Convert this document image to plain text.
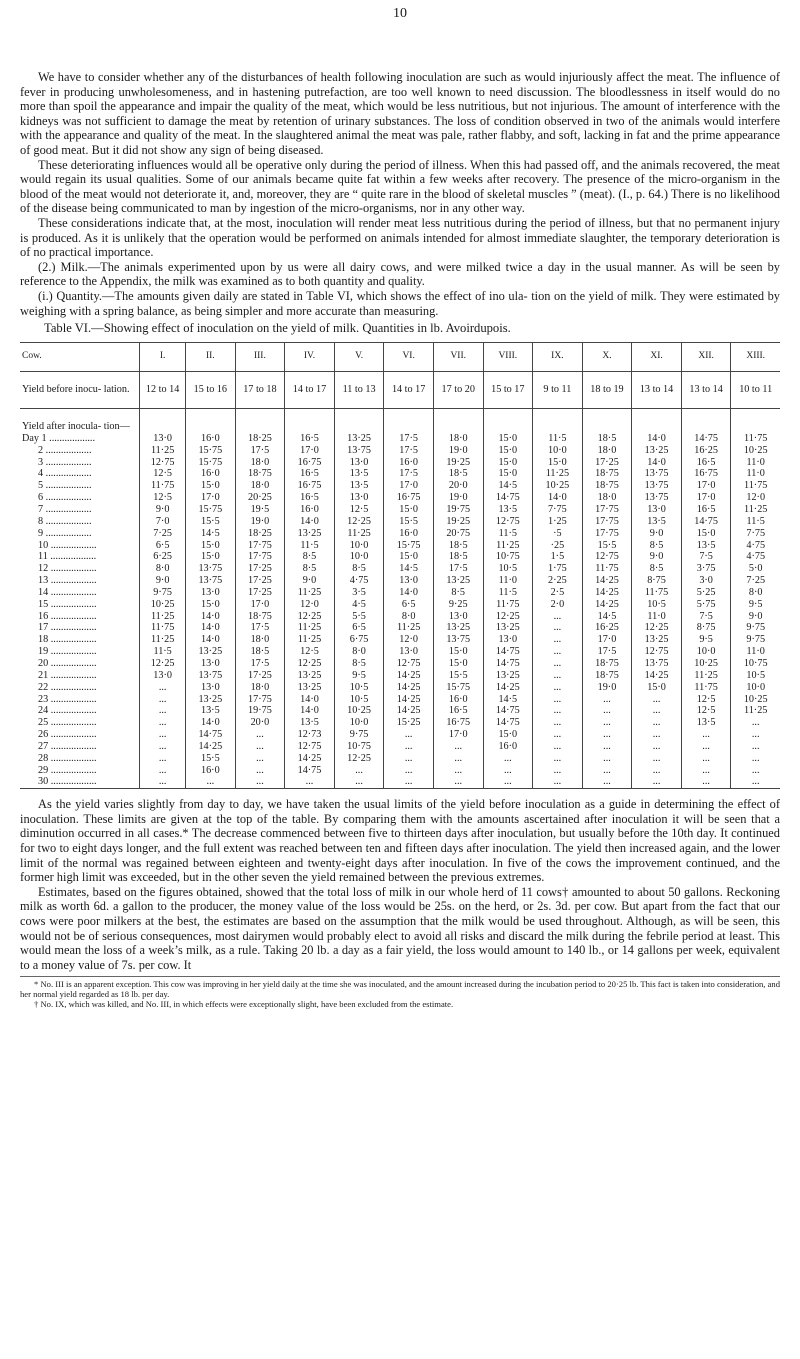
10

We have to consider whether any of the disturbances of health following inoculation are such as would injuriously affect the meat. The influence of fever in producing unwholesomeness, and in hastening putrefaction, are too well known to need discussion. The bloodlessness in itself would do no more than spoil the appearance and impair the quality of the meat, which would be less nutritious, but not injurious. The amount of interference with the kidneys was not sufficient to damage the meat by retention of urinary substances. The loss of condition observed in two of the animals would interfere with the appearance and quality of the meat. In the slaughtered animal the meat was pale, rather flabby, and soft, lacking in fat and the prime appearance of good meat. But it did not show any sign of being diseased.

These deteriorating influences would all be operative only during the period of illness. When this had passed off, and the animals recovered, the meat would regain its usual qualities. Some of our animals became quite fat within a few weeks after recovery. The presence of the micro-organism in the blood of the meat would not deteriorate it, and, moreover, they are “ quite rare in the blood of skeletal muscles ” (meat). (I., p. 64.) There is no likelihood of the disease being communicated to man by ingestion of the micro-organisms, nor in any other way.

These considerations indicate that, at the most, inoculation will render meat less nutritious during the period of illness, but that no permanent injury is produced. As it is unlikely that the operation would be performed on animals intended for almost immediate slaughter, the temporary deterioration is of no practical importance.

(2.) Milk.—The animals experimented upon by us were all dairy cows, and were milked twice a day in the usual manner. As will be seen by reference to the Appendix, the milk was examined as to both quantity and quality.

(i.) Quantity.—The amounts given daily are stated in Table VI, which shows the effect of ino ula- tion on the yield of milk. They were estimated by weighing with a spring balance, as being simpler and more accurate than measuring.

Table VI.—Showing effect of inoculation on the yield of milk. Quantities in lb. Avoirdupois.
Cow.	I.	II.	III.	IV.	V.	VI.	VII.	VIII.	IX.	X.	XI.	XII.	XIII.
Yield before inocu- lation.	12 to 14	15 to 16	17 to 18	14 to 17	11 to 13	14 to 17	17 to 20	15 to 17	9 to 11	18 to 19	13 to 14	13 to 14	10 to 11

Yield after inocula- tion—													
Day 1 ..................	13·0	16·0	18·25	16·5	13·25	17·5	18·0	15·0	11·5	18·5	14·0	14·75	11·75
2 ..................	11·25	15·75	17·5	17·0	13·75	17·5	19·0	15·0	10·0	18·0	13·25	16·25	10·25
3 ..................	12·75	15·75	18·0	16·75	13·0	16·0	19·25	15·0	15·0	17·25	14·0	16·5	11·0
4 ..................	12·5	16·0	18·75	16·5	13·5	17·5	18·5	15·0	11·25	18·75	13·75	16·75	11·0
5 ..................	11·75	15·0	18·0	16·75	13·5	17·0	20·0	14·5	10·25	18·75	13·75	17·0	11·75
6 ..................	12·5	17·0	20·25	16·5	13·0	16·75	19·0	14·75	14·0	18·0	13·75	17·0	12·0
7 ..................	9·0	15·75	19·5	16·0	12·5	15·0	19·75	13·5	7·75	17·75	13·0	16·5	11·25
8 ..................	7·0	15·5	19·0	14·0	12·25	15·5	19·25	12·75	1·25	17·75	13·5	14·75	11·5
9 ..................	7·25	14·5	18·25	13·25	11·25	16·0	20·75	11·5	·5	17·75	9·0	15·0	7·75
10 ..................	6·5	15·0	17·75	11·5	10·0	15·75	18·5	11·25	·25	15·5	8·5	13·5	4·75
11 ..................	6·25	15·0	17·75	8·5	10·0	15·0	18·5	10·75	1·5	12·75	9·0	7·5	4·75
12 ..................	8·0	13·75	17·25	8·5	8·5	14·5	17·5	10·5	1·75	11·75	8·5	3·75	5·0
13 ..................	9·0	13·75	17·25	9·0	4·75	13·0	13·25	11·0	2·25	14·25	8·75	3·0	7·25
14 ..................	9·75	13·0	17·25	11·25	3·5	14·0	8·5	11·5	2·5	14·25	11·75	5·25	8·0
15 ..................	10·25	15·0	17·0	12·0	4·5	6·5	9·25	11·75	2·0	14·25	10·5	5·75	9·5
16 ..................	11·25	14·0	18·75	12·25	5·5	8·0	13·0	12·25	...	14·5	11·0	7·5	9·0
17 ..................	11·75	14·0	17·5	11·25	6·5	11·25	13·25	13·25	...	16·25	12·25	8·75	9·75
18 ..................	11·25	14·0	18·0	11·25	6·75	12·0	13·75	13·0	...	17·0	13·25	9·5	9·75
19 ..................	11·5	13·25	18·5	12·5	8·0	13·0	15·0	14·75	...	17·5	12·75	10·0	11·0
20 ..................	12·25	13·0	17·5	12·25	8·5	12·75	15·0	14·75	...	18·75	13·75	10·25	10·75
21 ..................	13·0	13·75	17·25	13·25	9·5	14·25	15·5	13·25	...	18·75	14·25	11·25	10·5
22 ..................	...	13·0	18·0	13·25	10·5	14·25	15·75	14·25	...	19·0	15·0	11·75	10·0
23 ..................	...	13·25	17·75	14·0	10·5	14·25	16·0	14·5	...	...	...	12·5	10·25
24 ..................	...	13·5	19·75	14·0	10·25	14·25	16·5	14·75	...	...	...	12·5	11·25
25 ..................	...	14·0	20·0	13·5	10·0	15·25	16·75	14·75	...	...	...	13·5	...
26 ..................	...	14·75	...	12·73	9·75	...	17·0	15·0	...	...	...	...	...
27 ..................	...	14·25	...	12·75	10·75	...	...	16·0	...	...	...	...	...
28 ..................	...	15·5	...	14·25	12·25	...	...	...	...	...	...	...	...
29 ..................	...	16·0	...	14·75	...	...	...	...	...	...	...	...	...
30 ..................	...	...	...	...	...	...	...	...	...	...	...	...	...

As the yield varies slightly from day to day, we have taken the usual limits of the yield before inoculation as a guide in determining the effect of inoculation. These limits are given at the top of the table. By comparing them with the amounts ascertained after inoculation it will be seen that a diminution occurred in all cases.* The decrease commenced between five to thirteen days after inoculation, but usually before the 10th day. It continued for two to eight days longer, and the full extent was reached between ten and fifteen days after inoculation. The yield then increased again, and the lower limit of the normal was regained between eighteen and twenty-eight days after inoculation. In five of the cows the improvement continued, and the former high limit was exceeded, but in the other seven the yield remained between the previous extremes.

Estimates, based on the figures obtained, showed that the total loss of milk in our whole herd of 11 cows† amounted to about 50 gallons. Reckoning milk as worth 6d. a gallon to the producer, the money value of the loss would be 25s. on the herd, or 2s. 3d. per cow. But apart from the fact that our cows were poor milkers at the best, the estimates are based on the assumption that the milk would be used throughout. Although, as will be seen, this would not be of serious consequences, most dairymen would probably elect to avoid all risks and discard the milk during the febrile period at least. This would mean the loss of a week’s milk, as a rule. Taking 20 lb. a day as a fair yield, the loss would amount to 140 lb., or 14 gallons per week, equivalent to a money value of 7s. per cow. It

* No. III is an apparent exception. This cow was improving in her yield daily at the time she was inoculated, and the amount increased during the incubation period to 20·25 lb. This fact is taken into consideration, and her normal yield regarded as 18 lb. per day.

† No. IX, which was killed, and No. III, in which effects were exceptionally slight, have been excluded from the estimate.
